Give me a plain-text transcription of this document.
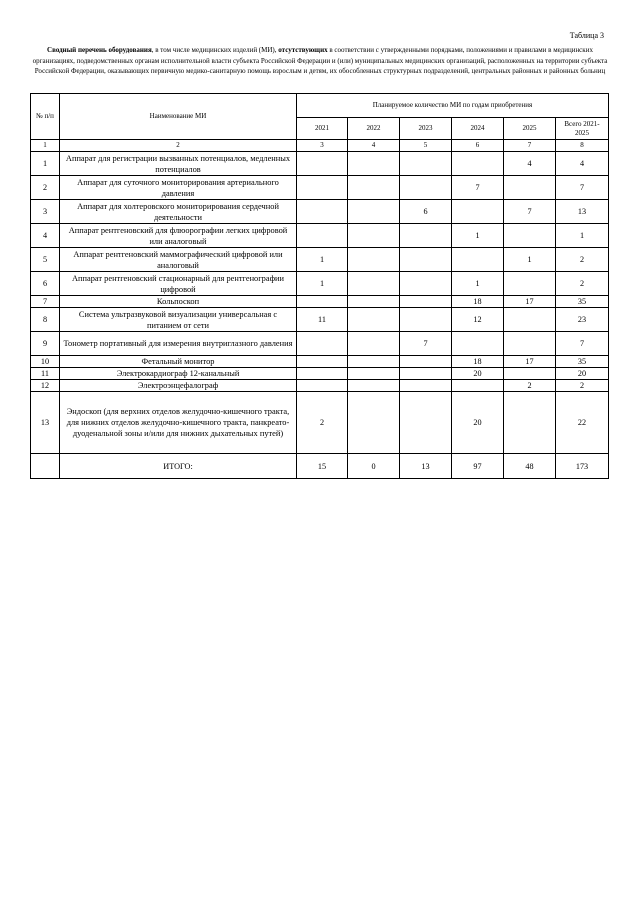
Таблица 3
Сводный перечень оборудования, в том числе медицинских изделий (МИ), отсутствующих в соответствии с утвержденными порядками, положениями и правилами в медицинских организациях, подведомственных органам исполнительной власти субъекта Российской Федерации и (или) муниципальных медицинских организаций, расположенных на территории субъекта Российской Федерации, оказывающих первичную медико-санитарную помощь взрослым и детям, их обособленных структурных подразделений, центральных районных и районных больниц
№ п/п	Наименование МИ	Планируемое количество МИ по годам приобретения					
		2021	2022	2023	2024	2025	Всего 2021-2025
1	2	3	4	5	6	7	8
1	Аппарат для регистрации вызванных потенциалов, медленных потенциалов					4	4
2	Аппарат для суточного мониторирования артериального давления				7		7
3	Аппарат для холтеровского мониторирования сердечной деятельности			6		7	13
4	Аппарат рентгеновский для флюорографии легких цифровой или аналоговый				1		1
5	Аппарат рентгеновский маммографический цифровой или аналоговый	1				1	2
6	Аппарат рентгеновский стационарный для рентгенографии цифровой	1			1		2
7	Кольпоскоп				18	17	35
8	Система ультразвуковой визуализации универсальная с питанием от сети	11			12		23
9	Тонометр портативный для измерения внутриглазного давления			7			7
10	Фетальный монитор				18	17	35
11	Электрокардиограф 12-канальный				20		20
12	Электроэнцефалограф					2	2
13	Эндоскоп (для верхних отделов желудочно-кишечного тракта, для нижних отделов желудочно-кишечного тракта, панкреато-дуоденальной зоны и/или для нижних дыхательных путей)	2			20		22
	ИТОГО:	15	0	13	97	48	173
